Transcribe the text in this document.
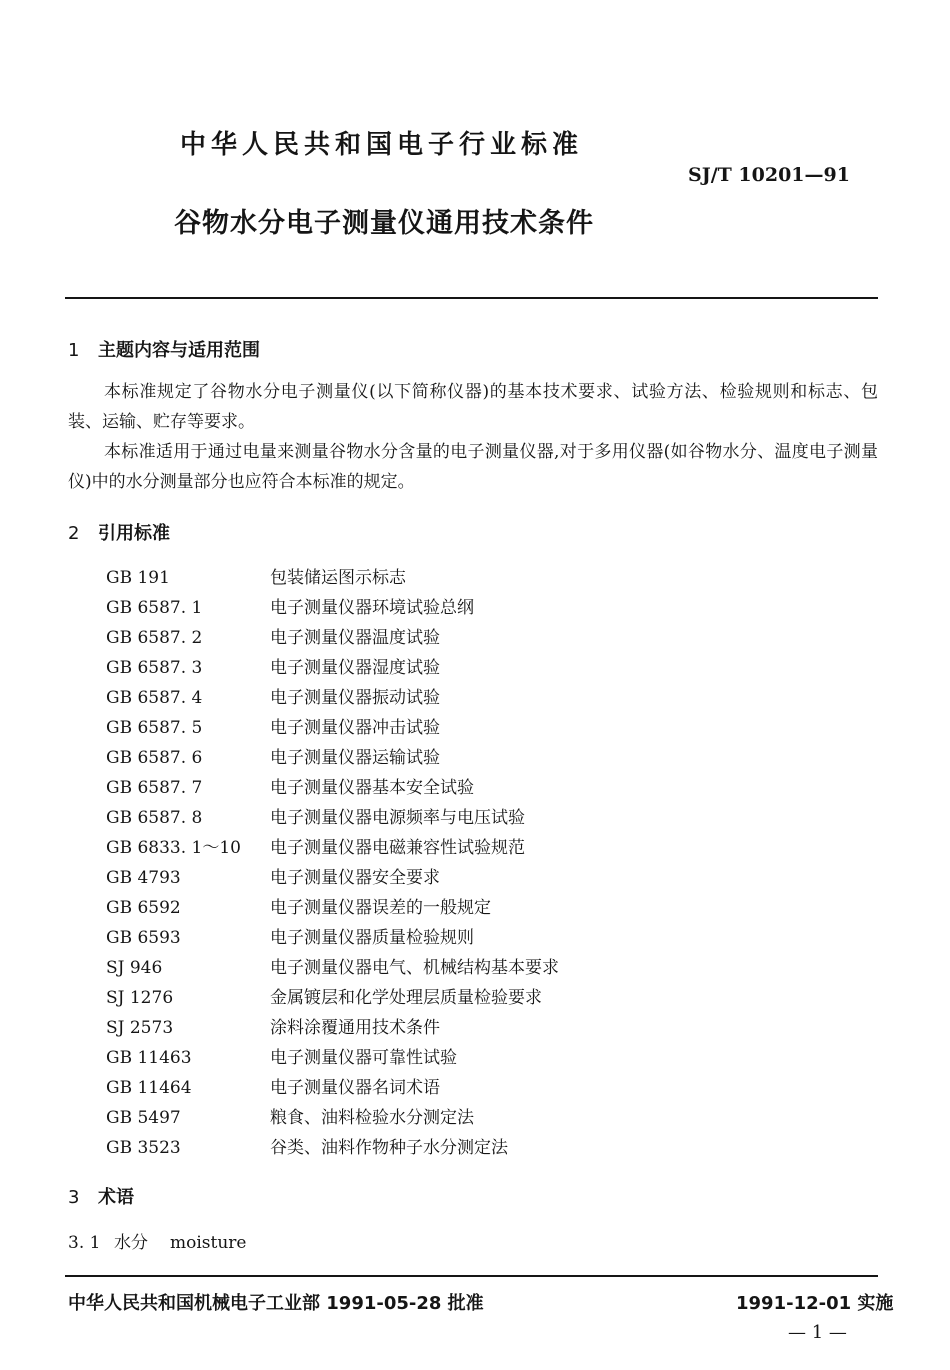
中华人民共和国电子行业标准
SJ/T 10201—91
谷物水分电子测量仪通用技术条件
1 主题内容与适用范围
本标准规定了谷物水分电子测量仪(以下简称仪器)的基本技术要求、试验方法、检验规则和标志、包装、运输、贮存等要求。
本标准适用于通过电量来测量谷物水分含量的电子测量仪器,对于多用仪器(如谷物水分、温度电子测量仪)中的水分测量部分也应符合本标准的规定。
2 引用标准
GB 191	包装储运图示标志
GB 6587. 1	电子测量仪器环境试验总纲
GB 6587. 2	电子测量仪器温度试验
GB 6587. 3	电子测量仪器湿度试验
GB 6587. 4	电子测量仪器振动试验
GB 6587. 5	电子测量仪器冲击试验
GB 6587. 6	电子测量仪器运输试验
GB 6587. 7	电子测量仪器基本安全试验
GB 6587. 8	电子测量仪器电源频率与电压试验
GB 6833. 1～10	电子测量仪器电磁兼容性试验规范
GB 4793	电子测量仪器安全要求
GB 6592	电子测量仪器误差的一般规定
GB 6593	电子测量仪器质量检验规则
SJ 946	电子测量仪器电气、机械结构基本要求
SJ 1276	金属镀层和化学处理层质量检验要求
SJ 2573	涂料涂覆通用技术条件
GB 11463	电子测量仪器可靠性试验
GB 11464	电子测量仪器名词术语
GB 5497	粮食、油料检验水分测定法
GB 3523	谷类、油料作物种子水分测定法
3 术语
3. 1 水分 moisture
中华人民共和国机械电子工业部 1991-05-28 批准	1991-12-01 实施
— 1 —
